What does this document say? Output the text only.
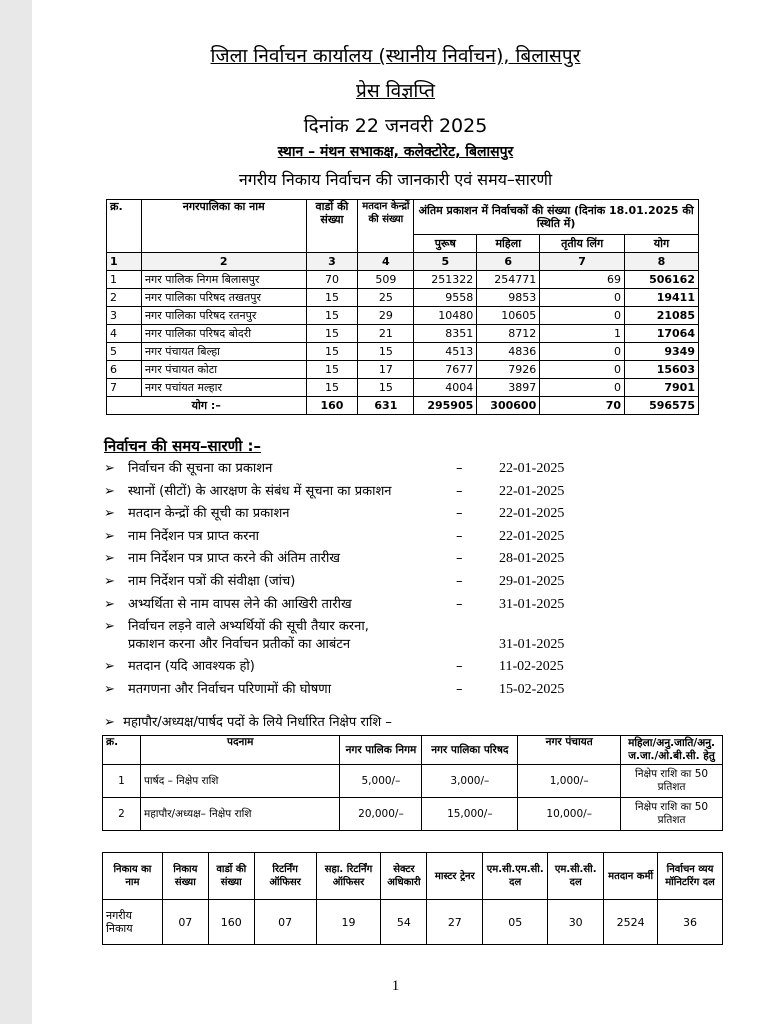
जिला निर्वाचन कार्यालय (स्थानीय निर्वाचन), बिलासपुर
प्रेस विज्ञप्ति
दिनांक 22 जनवरी 2025
स्थान – मंथन सभाकक्ष, कलेक्टोरेट, बिलासपुर
नगरीय निकाय निर्वाचन की जानकारी एवं समय–सारणी
क्र.	नगरपालिका का नाम	वार्डो की संख्या	मतदान केन्द्रों की संख्या	अंतिम प्रकाशन में निर्वाचकों की संख्या (दिनांक 18.01.2025 की स्थिति में)			
				पुरूष	महिला	तृतीय लिंग	योग
1	2	3	4	5	6	7	8
1	नगर पालिक निगम बिलासपुर	70	509	251322	254771	69	506162
2	नगर पालिका परिषद तखतपुर	15	25	9558	9853	0	19411
3	नगर पालिका परिषद रतनपुर	15	29	10480	10605	0	21085
4	नगर पालिका परिषद बोदरी	15	21	8351	8712	1	17064
5	नगर पंचायत बिल्हा	15	15	4513	4836	0	9349
6	नगर पंचायत कोटा	15	17	7677	7926	0	15603
7	नगर पचांयत मल्हार	15	15	4004	3897	0	7901
योग :–		160	631	295905	300600	70	596575
निर्वाचन की समय–सारणी :–
➢ निर्वाचन की सूचना का प्रकाशन	–	22-01-2025
➢ स्थानों (सीटों) के आरक्षण के संबंध में सूचना का प्रकाशन	–	22-01-2025
➢ मतदान केन्द्रों की सूची का प्रकाशन	–	22-01-2025
➢ नाम निर्देशन पत्र प्राप्त करना	–	22-01-2025
➢ नाम निर्देशन पत्र प्राप्त करने की अंतिम तारीख	–	28-01-2025
➢ नाम निर्देशन पत्रों की संवीक्षा (जांच)	–	29-01-2025
➢ अभ्यर्थिता से नाम वापस लेने की आखिरी तारीख	–	31-01-2025
➢ निर्वाचन लड़ने वाले अभ्यर्थियों की सूची तैयार करना,
प्रकाशन करना और निर्वाचन प्रतीकों का आबंटन	31-01-2025
➢ मतदान (यदि आवश्यक हो)	–	11-02-2025
➢ मतगणना और निर्वाचन परिणामों की घोषणा	–	15-02-2025
➢ महापौर/अध्यक्ष/पार्षद पदों के लिये निर्धारित निक्षेप राशि –
क्र.	पदनाम	नगर पालिक निगम	नगर पालिका परिषद	नगर पंचायत	महिला/अनु.जाति/अनु. ज.जा./ओ.बी.सी. हेतु
1	पार्षद – निक्षेप राशि	5,000/–	3,000/–	1,000/–	निक्षेप राशि का 50 प्रतिशत
2	महापौर/अध्यक्ष– निक्षेप राशि	20,000/–	15,000/–	10,000/–	निक्षेप राशि का 50 प्रतिशत
निकाय का नाम	निकाय संख्या	वार्डो की संख्या	रिटर्निंग ऑफिसर	सहा. रिटर्निंग ऑफिसर	सेक्टर अधिकारी	मास्टर ट्रेनर	एम.सी.एम.सी. दल	एम.सी.सी. दल	मतदान कर्मी	निर्वाचन व्यय मॉनिटरिंग दल
नगरीय निकाय	07	160	07	19	54	27	05	30	2524	36
1
